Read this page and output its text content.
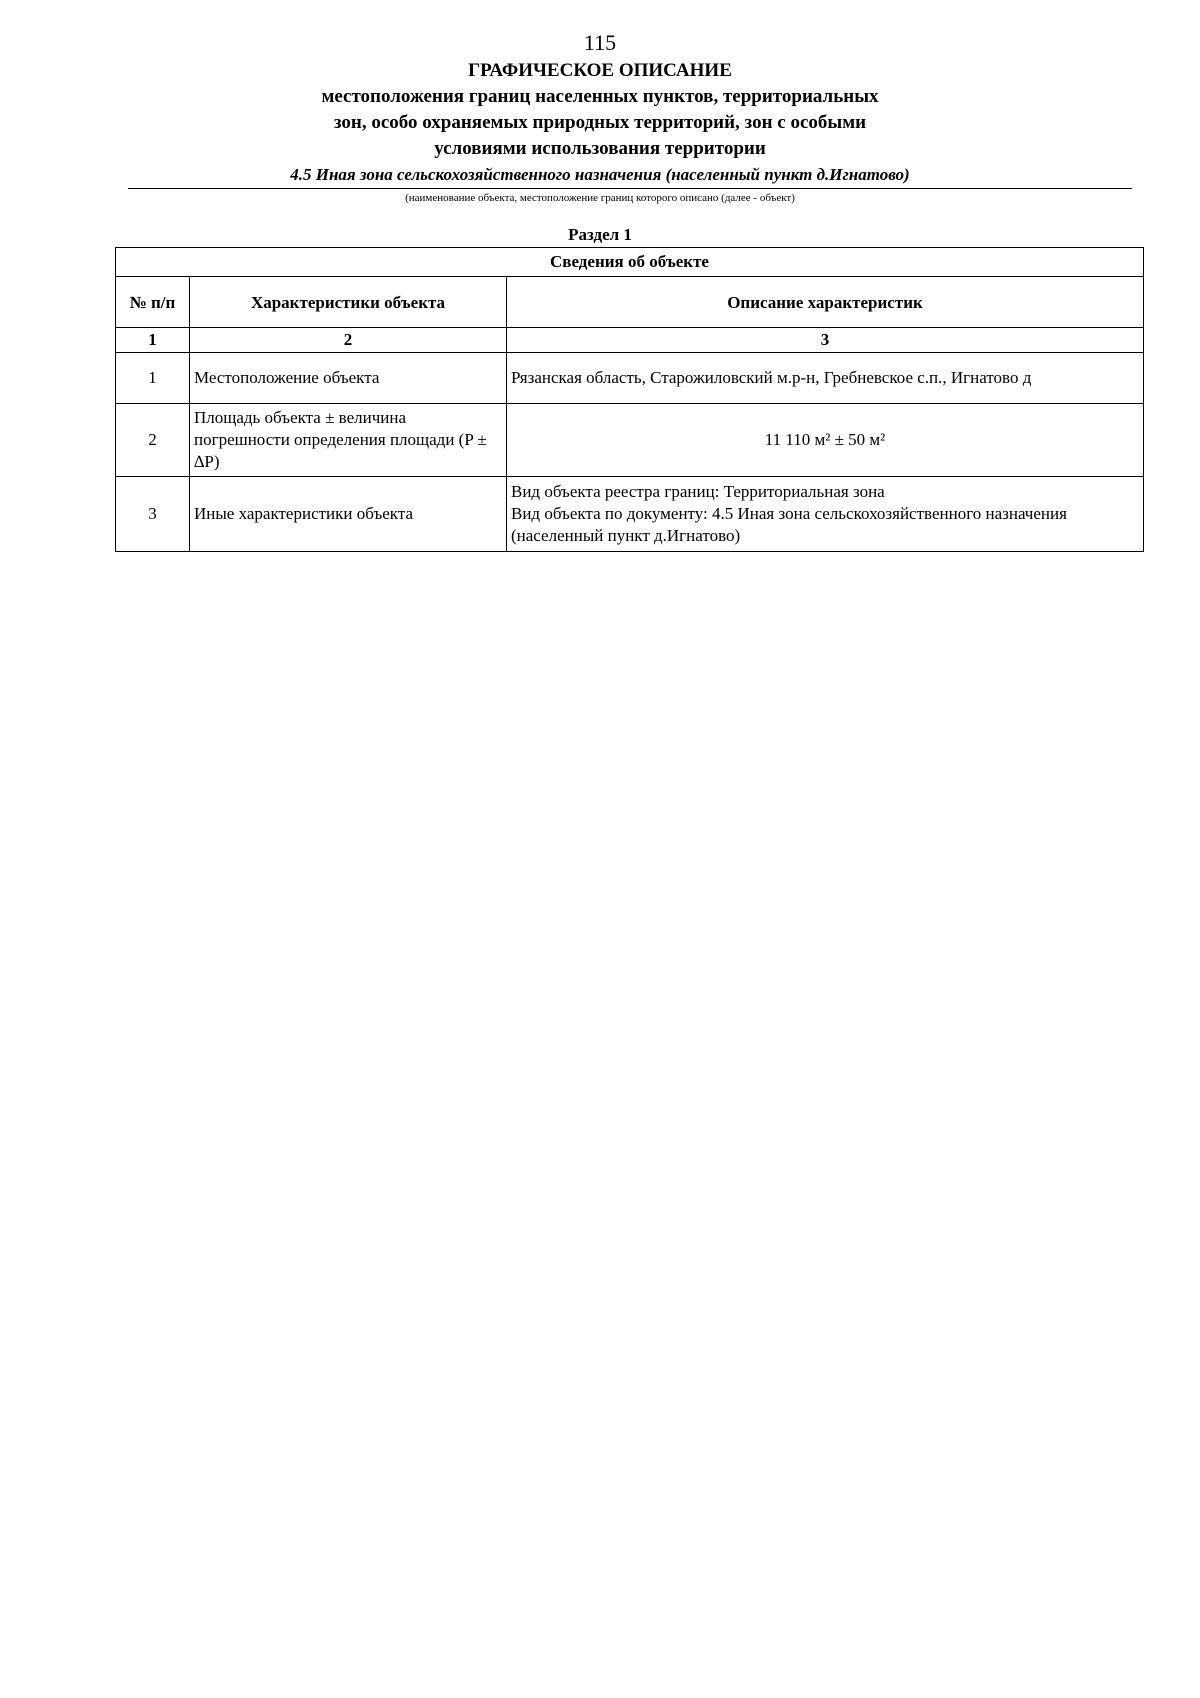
115

ГРАФИЧЕСКОЕ ОПИСАНИЕ

местоположения границ населенных пунктов, территориальных

зон, особо охраняемых природных территорий, зон с особыми

условиями использования территории

4.5 Иная зона сельскохозяйственного назначения (населенный пункт д.Игнатово)

(наименование объекта, местоположение границ которого описано (далее - объект)
Раздел 1
Сведения об объекте		
№ п/п	Характеристики объекта	Описание характеристик
1	2	3
1	Местоположение объекта	Рязанская область, Старожиловский м.р-н, Гребневское с.п., Игнатово д

2	Площадь объекта ± величина погрешности определения площади (P ± ∆P)	11 110 м² ± 50 м²

3	Иные характеристики объекта	Вид объекта реестра границ: Территориальная зона
Вид объекта по документу: 4.5 Иная зона сельскохозяйственного назначения (населенный пункт д.Игнатово)
